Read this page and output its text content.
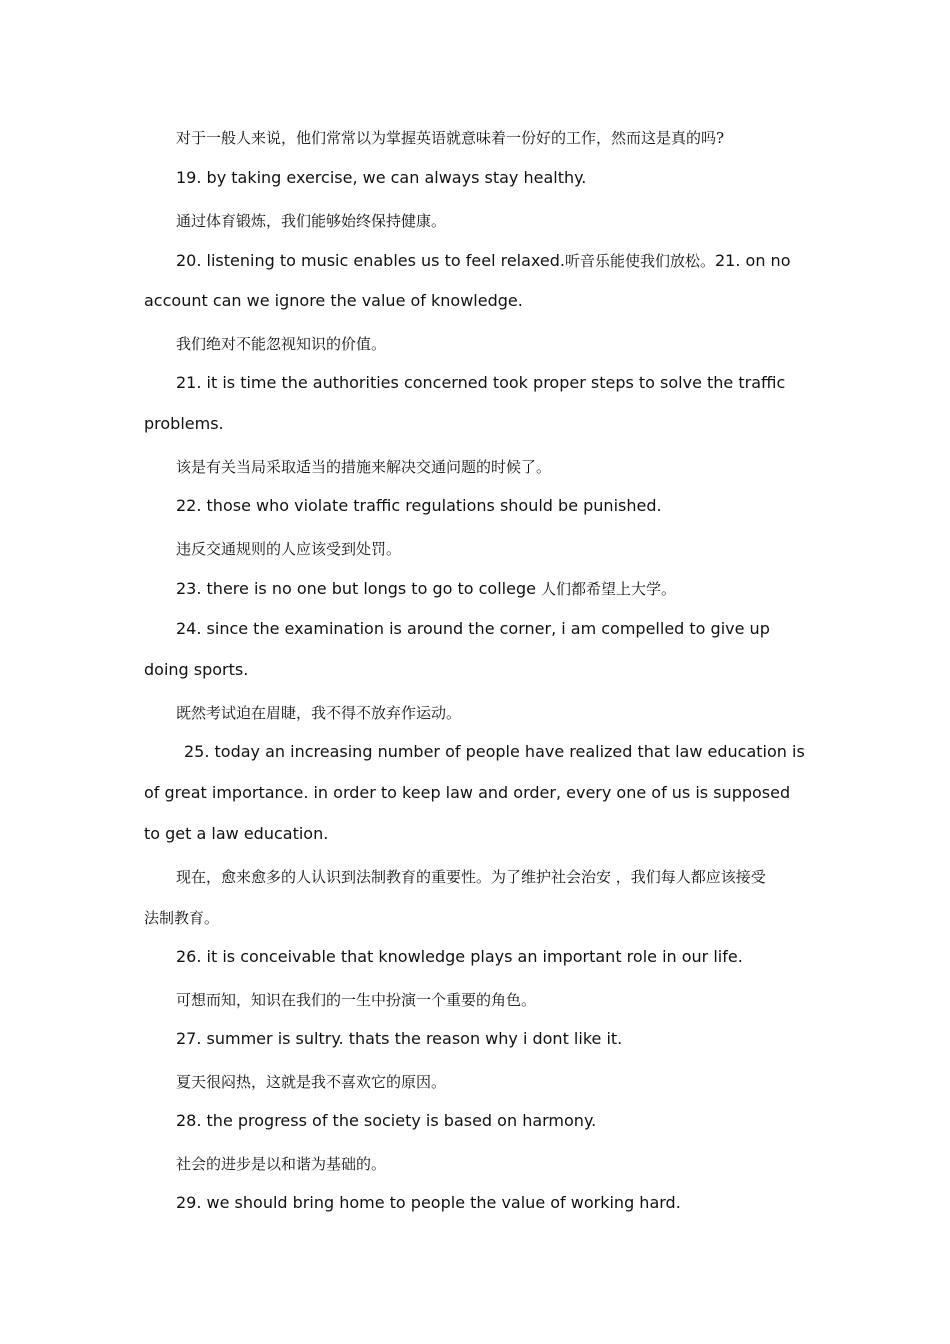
对于一般人来说，他们常常以为掌握英语就意味着一份好的工作，然而这是真的吗?
19. by taking exercise, we can always stay healthy.
通过体育锻炼，我们能够始终保持健康。
20. listening to music enables us to feel relaxed.听音乐能使我们放松。21. on no
account can we ignore the value of knowledge.
我们绝对不能忽视知识的价值。
21. it is time the authorities concerned took proper steps to solve the traffic
problems.
该是有关当局采取适当的措施来解决交通问题的时候了。
22. those who violate traffic regulations should be punished.
违反交通规则的人应该受到处罚。
23. there is no one but longs to go to college 人们都希望上大学。
24. since the examination is around the corner, i am compelled to give up
doing sports.
既然考试迫在眉睫，我不得不放弃作运动。
25. today an increasing number of people have realized that law education is
of great importance. in order to keep law and order, every one of us is supposed
to get a law education.
现在，愈来愈多的人认识到法制教育的重要性。为了维护社会治安 ，我们每人都应该接受
法制教育。
26. it is conceivable that knowledge plays an important role in our life.
可想而知，知识在我们的一生中扮演一个重要的角色。
27. summer is sultry. thats the reason why i dont like it.
夏天很闷热，这就是我不喜欢它的原因。
28. the progress of the society is based on harmony.
社会的进步是以和谐为基础的。
29. we should bring home to people the value of working hard.
